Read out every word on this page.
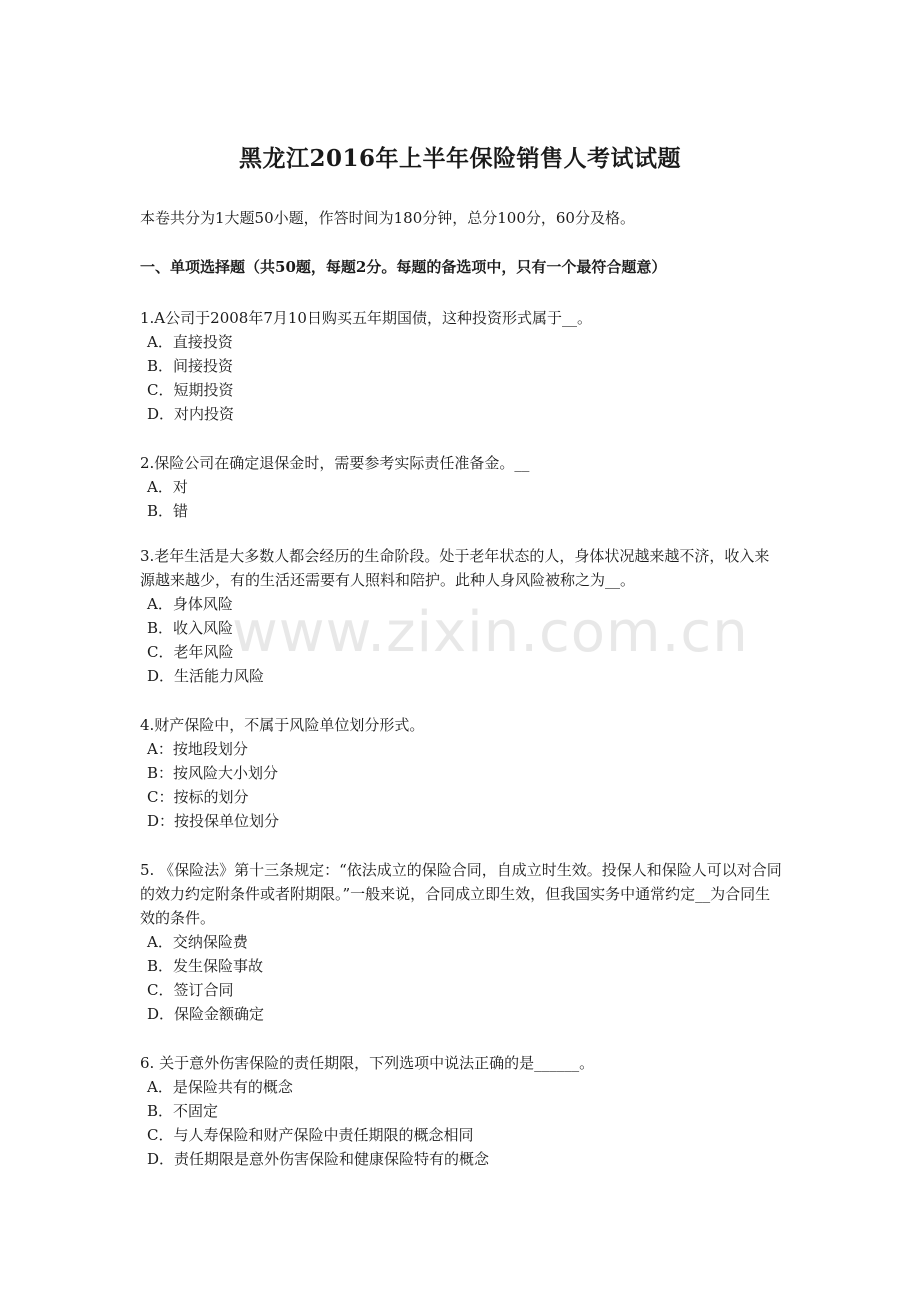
黑龙江2016年上半年保险销售人考试试题
本卷共分为1大题50小题，作答时间为180分钟，总分100分，60分及格。
一、单项选择题（共50题，每题2分。每题的备选项中，只有一个最符合题意）
1.A公司于2008年7月10日购买五年期国债，这种投资形式属于__。
A．直接投资
B．间接投资
C．短期投资
D．对内投资
2.保险公司在确定退保金时，需要参考实际责任准备金。__
A．对
B．错
3.老年生活是大多数人都会经历的生命阶段。处于老年状态的人，身体状况越来越不济，收入来源越来越少，有的生活还需要有人照料和陪护。此种人身风险被称之为__。
A．身体风险
B．收入风险
C．老年风险
D．生活能力风险
4.财产保险中，不属于风险单位划分形式。
A：按地段划分
B：按风险大小划分
C：按标的划分
D：按投保单位划分
5. 《保险法》第十三条规定：“依法成立的保险合同，自成立时生效。投保人和保险人可以对合同的效力约定附条件或者附期限。”一般来说，合同成立即生效，但我国实务中通常约定__为合同生效的条件。
A．交纳保险费
B．发生保险事故
C．签订合同
D．保险金额确定
6. 关于意外伤害保险的责任期限，下列选项中说法正确的是______。
A．是保险共有的概念
B．不固定
C．与人寿保险和财产保险中责任期限的概念相同
D．责任期限是意外伤害保险和健康保险特有的概念
www.zixin.com.cn
